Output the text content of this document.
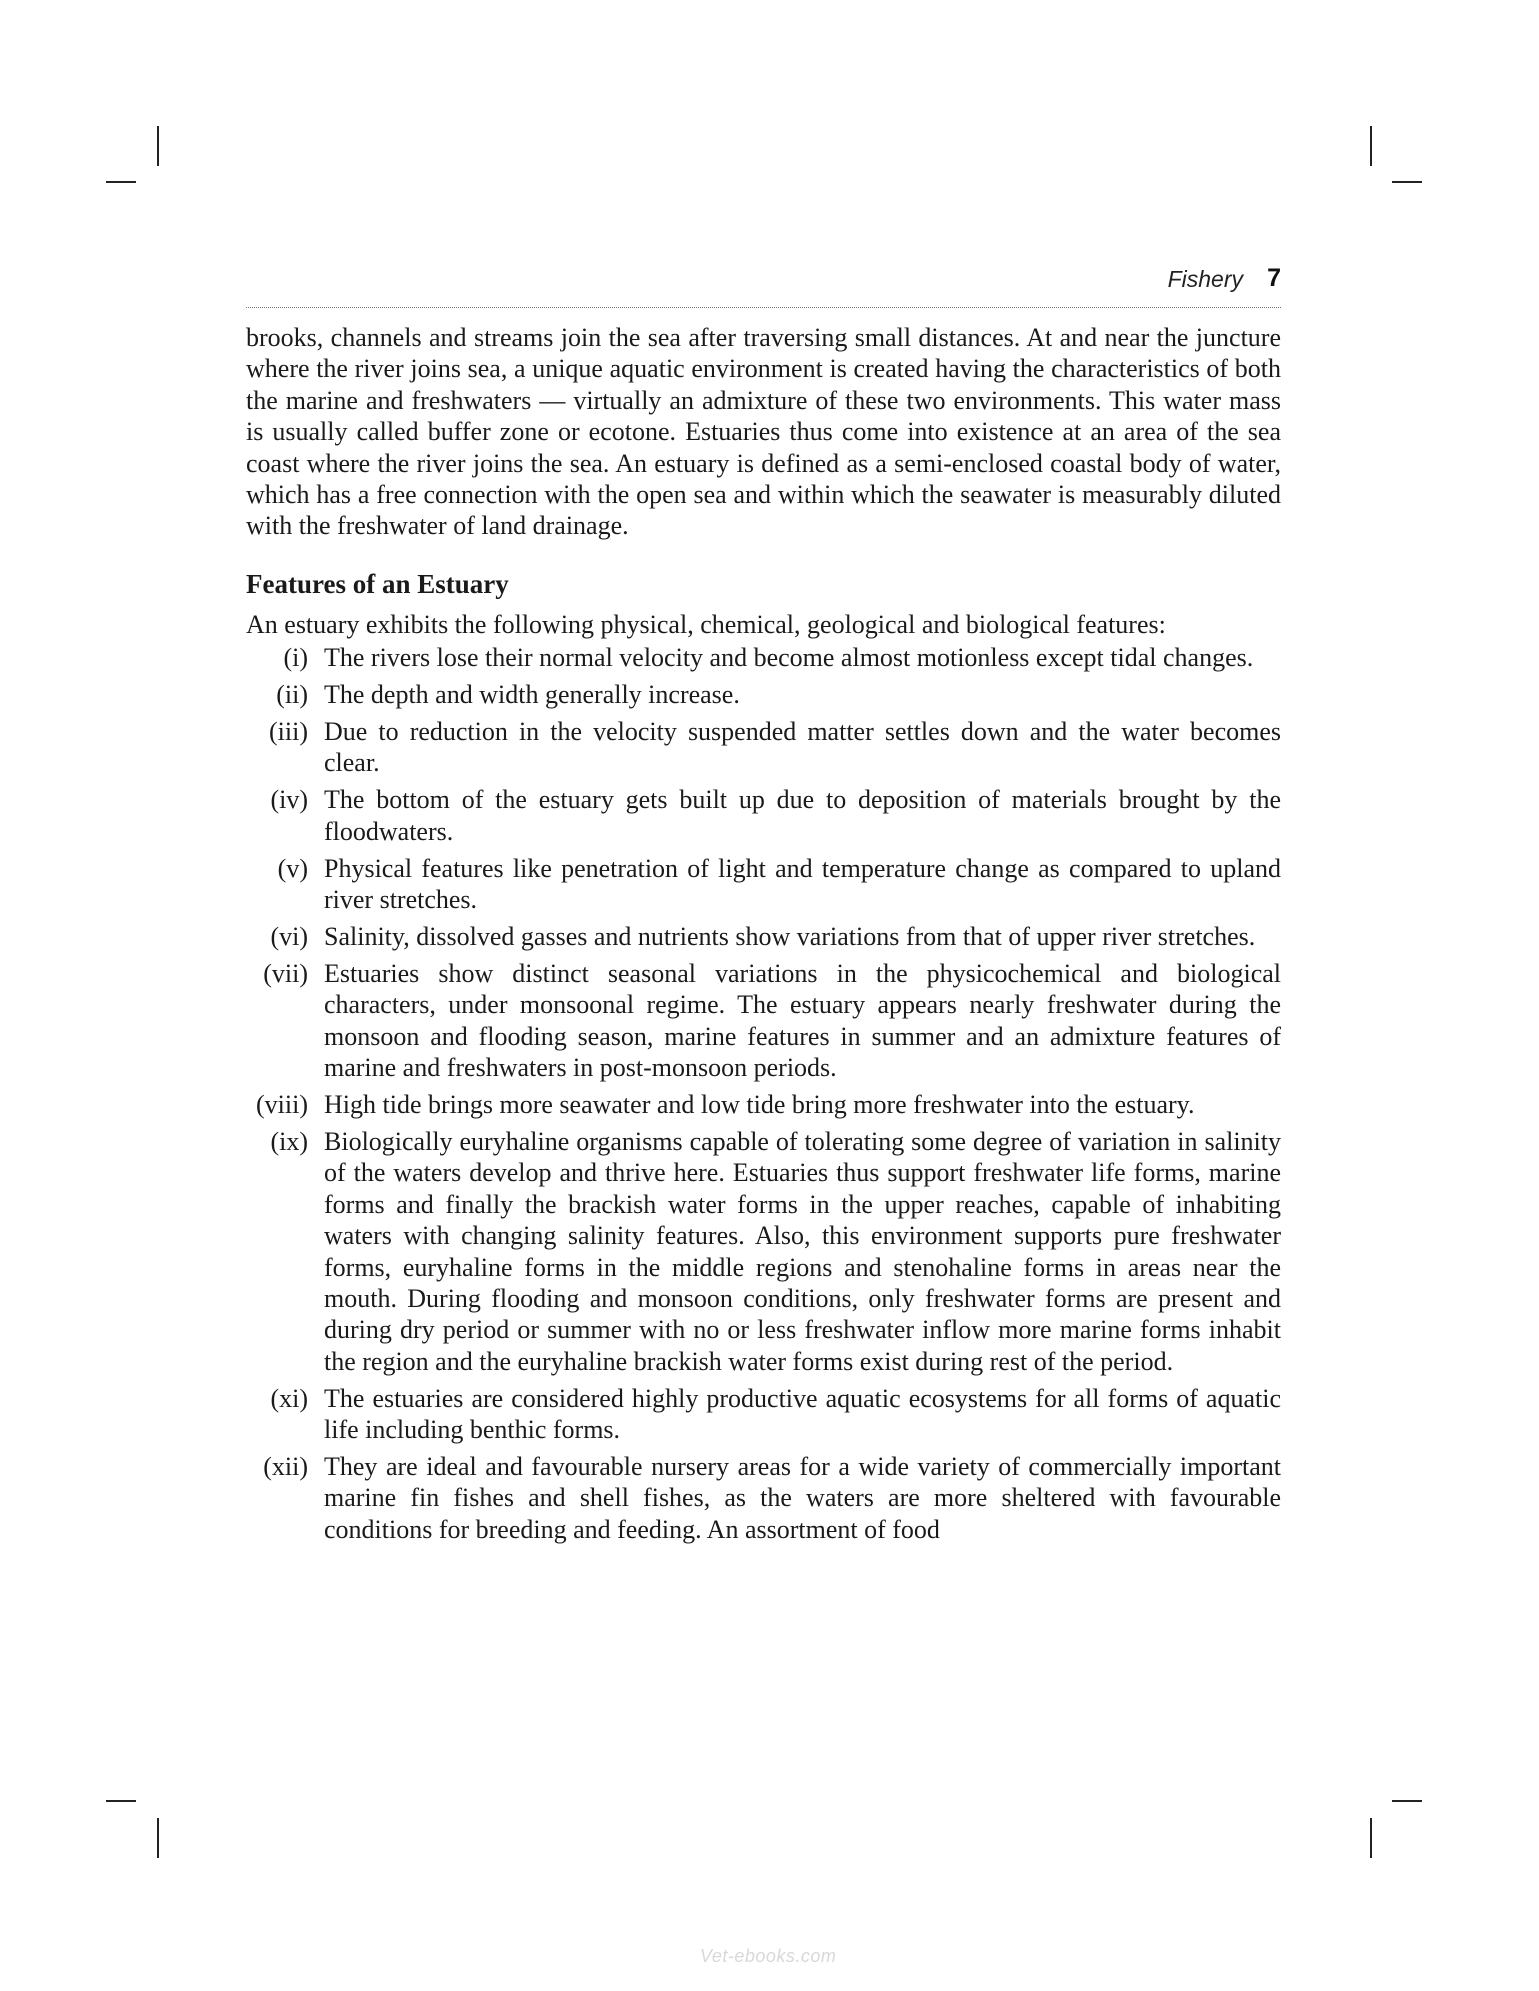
Fishery 7

brooks, channels and streams join the sea after traversing small distances. At and near the juncture where the river joins sea, a unique aquatic environment is created having the characteristics of both the marine and freshwaters — virtually an admixture of these two environments. This water mass is usually called buffer zone or ecotone. Estuaries thus come into existence at an area of the sea coast where the river joins the sea. An estuary is defined as a semi-enclosed coastal body of water, which has a free connection with the open sea and within which the seawater is measurably diluted with the freshwater of land drainage.

Features of an Estuary

An estuary exhibits the following physical, chemical, geological and biological features:

(i) The rivers lose their normal velocity and become almost motionless except tidal changes.
(ii) The depth and width generally increase.
(iii) Due to reduction in the velocity suspended matter settles down and the water becomes clear.
(iv) The bottom of the estuary gets built up due to deposition of materials brought by the floodwaters.
(v) Physical features like penetration of light and temperature change as compared to upland river stretches.
(vi) Salinity, dissolved gasses and nutrients show variations from that of upper river stretches.
(vii) Estuaries show distinct seasonal variations in the physicochemical and biological characters, under monsoonal regime. The estuary appears nearly freshwater during the monsoon and flooding season, marine features in summer and an admixture features of marine and freshwaters in post-monsoon periods.
(viii) High tide brings more seawater and low tide bring more freshwater into the estuary.
(ix) Biologically euryhaline organisms capable of tolerating some degree of variation in salinity of the waters develop and thrive here. Estuaries thus support freshwater life forms, marine forms and finally the brackish water forms in the upper reaches, capable of inhabiting waters with changing salinity features. Also, this environment supports pure freshwater forms, euryhaline forms in the middle regions and stenohaline forms in areas near the mouth. During flooding and monsoon conditions, only freshwater forms are present and during dry period or summer with no or less freshwater inflow more marine forms inhabit the region and the euryhaline brackish water forms exist during rest of the period.
(xi) The estuaries are considered highly productive aquatic ecosystems for all forms of aquatic life including benthic forms.
(xii) They are ideal and favourable nursery areas for a wide variety of commercially important marine fin fishes and shell fishes, as the waters are more sheltered with favourable conditions for breeding and feeding. An assortment of food
Vet-ebooks.com
